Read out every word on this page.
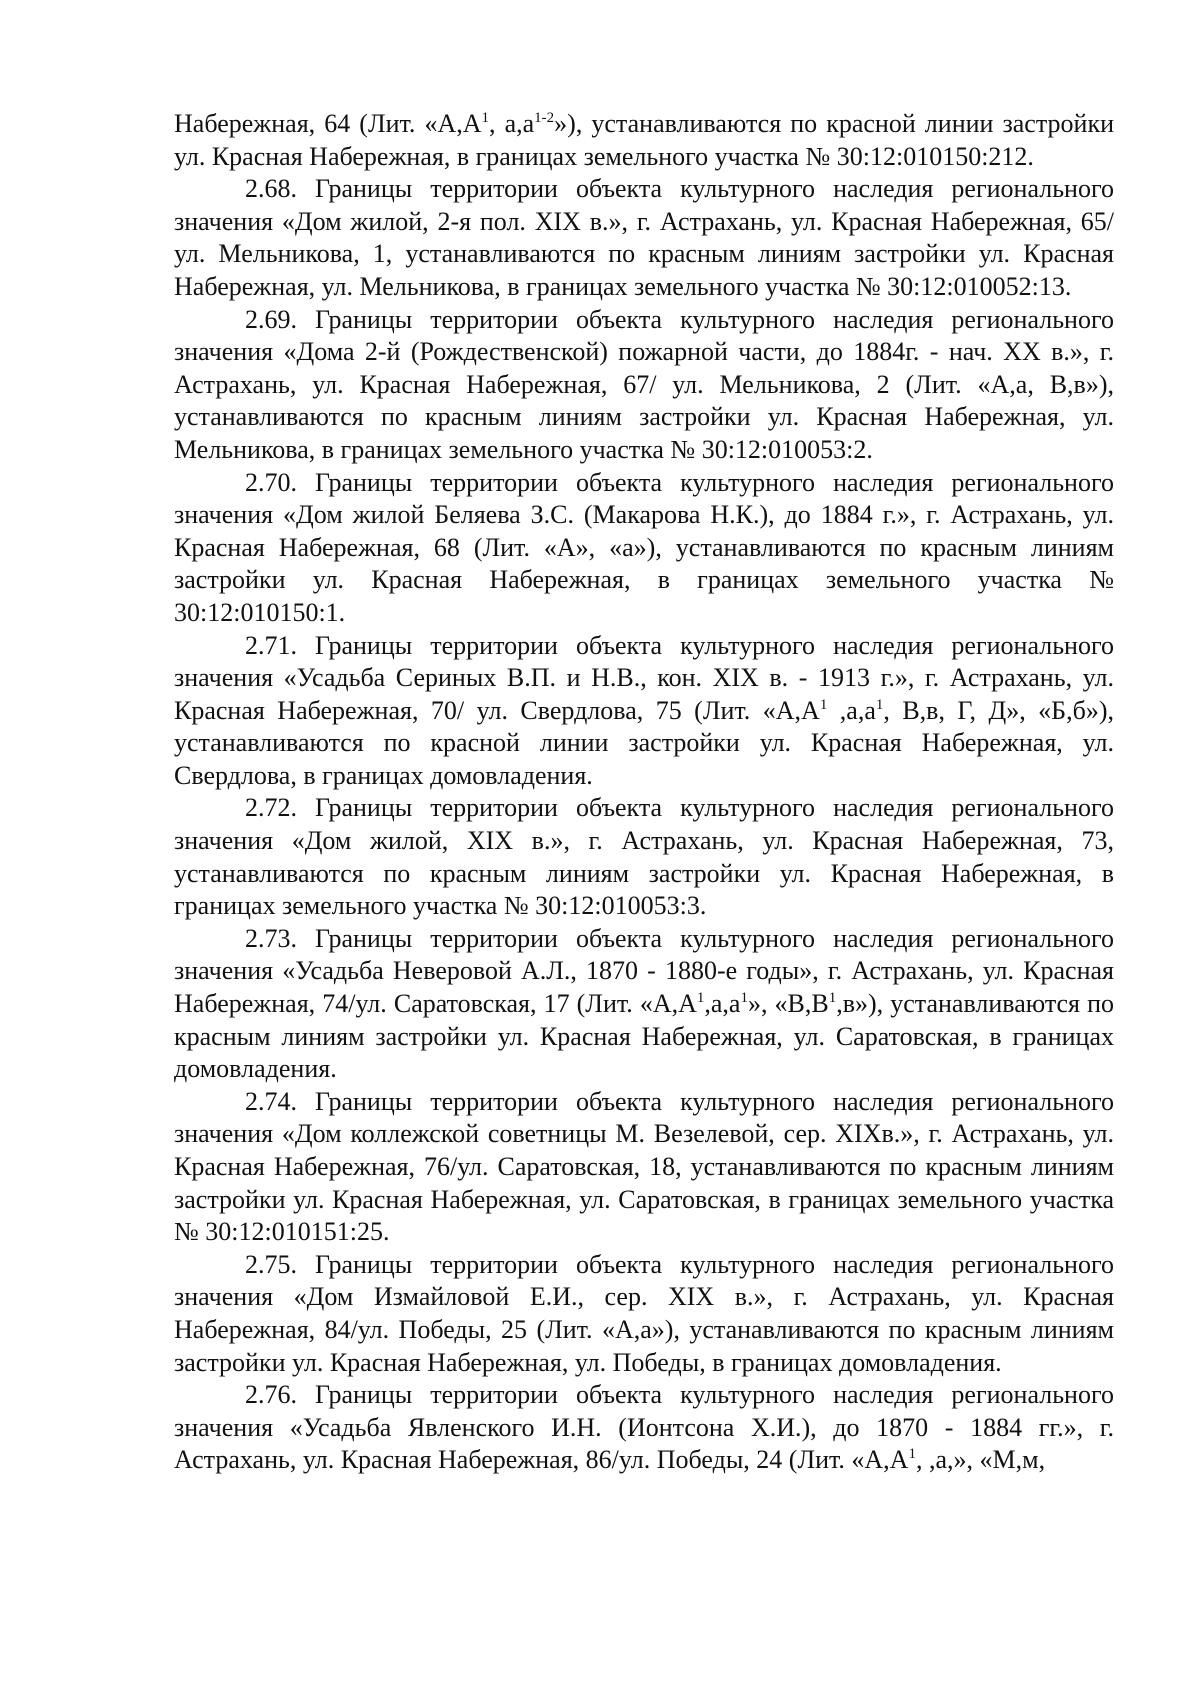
Набережная, 64 (Лит. «$А,А^1$, $а,а^{1-2}$»), устанавливаются по красной линии застройки ул. Красная Набережная, в границах земельного участка № 30:12:010150:212.

2.68. Границы территории объекта культурного наследия регионального значения «Дом жилой, 2-я пол. XIX в.», г. Астрахань, ул. Красная Набережная, 65/ул. Мельникова, 1, устанавливаются по красным линиям застройки ул. Красная Набережная, ул. Мельникова, в границах земельного участка № 30:12:010052:13.

2.69. Границы территории объекта культурного наследия регионального значения «Дома 2-й (Рождественской) пожарной части, до 1884г. - нач. XX в.», г. Астрахань, ул. Красная Набережная, 67/ ул. Мельникова, 2 (Лит. «А,а, В,в»), устанавливаются по красным линиям застройки ул. Красная Набережная, ул. Мельникова, в границах земельного участка № 30:12:010053:2.

2.70. Границы территории объекта культурного наследия регионального значения «Дом жилой Беляева З.С. (Макарова Н.К.), до 1884 г.», г. Астрахань, ул. Красная Набережная, 68 (Лит. «А», «а»), устанавливаются по красным линиям застройки ул. Красная Набережная, в границах земельного участка № 30:12:010150:1.

2.71. Границы территории объекта культурного наследия регионального значения «Усадьба Сериных В.П. и Н.В., кон. XIX в. - 1913 г.», г. Астрахань, ул. Красная Набережная, 70/ ул. Свердлова, 75 (Лит. «$А,А^1$ $,а,а^1$, В,в, Г, Д», «Б,б»), устанавливаются по красной линии застройки ул. Красная Набережная, ул. Свердлова, в границах домовладения.

2.72. Границы территории объекта культурного наследия регионального значения «Дом жилой, XIX в.», г. Астрахань, ул. Красная Набережная, 73, устанавливаются по красным линиям застройки ул. Красная Набережная, в границах земельного участка № 30:12:010053:3.

2.73. Границы территории объекта культурного наследия регионального значения «Усадьба Неверовой А.Л., 1870 - 1880-е годы», г. Астрахань, ул. Красная Набережная, 74/ул. Саратовская, 17 (Лит. «$А,А^1,а,а^1$», «$В,В^1,в$»), устанавливаются по красным линиям застройки ул. Красная Набережная, ул. Саратовская, в границах домовладения.

2.74. Границы территории объекта культурного наследия регионального значения «Дом коллежской советницы М. Везелевой, сер. XIXв.», г. Астрахань, ул. Красная Набережная, 76/ул. Саратовская, 18, устанавливаются по красным линиям застройки ул. Красная Набережная, ул. Саратовская, в границах земельного участка № 30:12:010151:25.

2.75. Границы территории объекта культурного наследия регионального значения «Дом Измайловой Е.И., сер. XIX в.», г. Астрахань, ул. Красная Набережная, 84/ул. Победы, 25 (Лит. «А,а»), устанавливаются по красным линиям застройки ул. Красная Набережная, ул. Победы, в границах домовладения.

2.76. Границы территории объекта культурного наследия регионального значения «Усадьба Явленского И.Н. (Ионтсона Х.И.), до 1870 - 1884 гг.», г. Астрахань, ул. Красная Набережная, 86/ул. Победы, 24 (Лит. «$А,А^1$, ,а,», «М,м,
